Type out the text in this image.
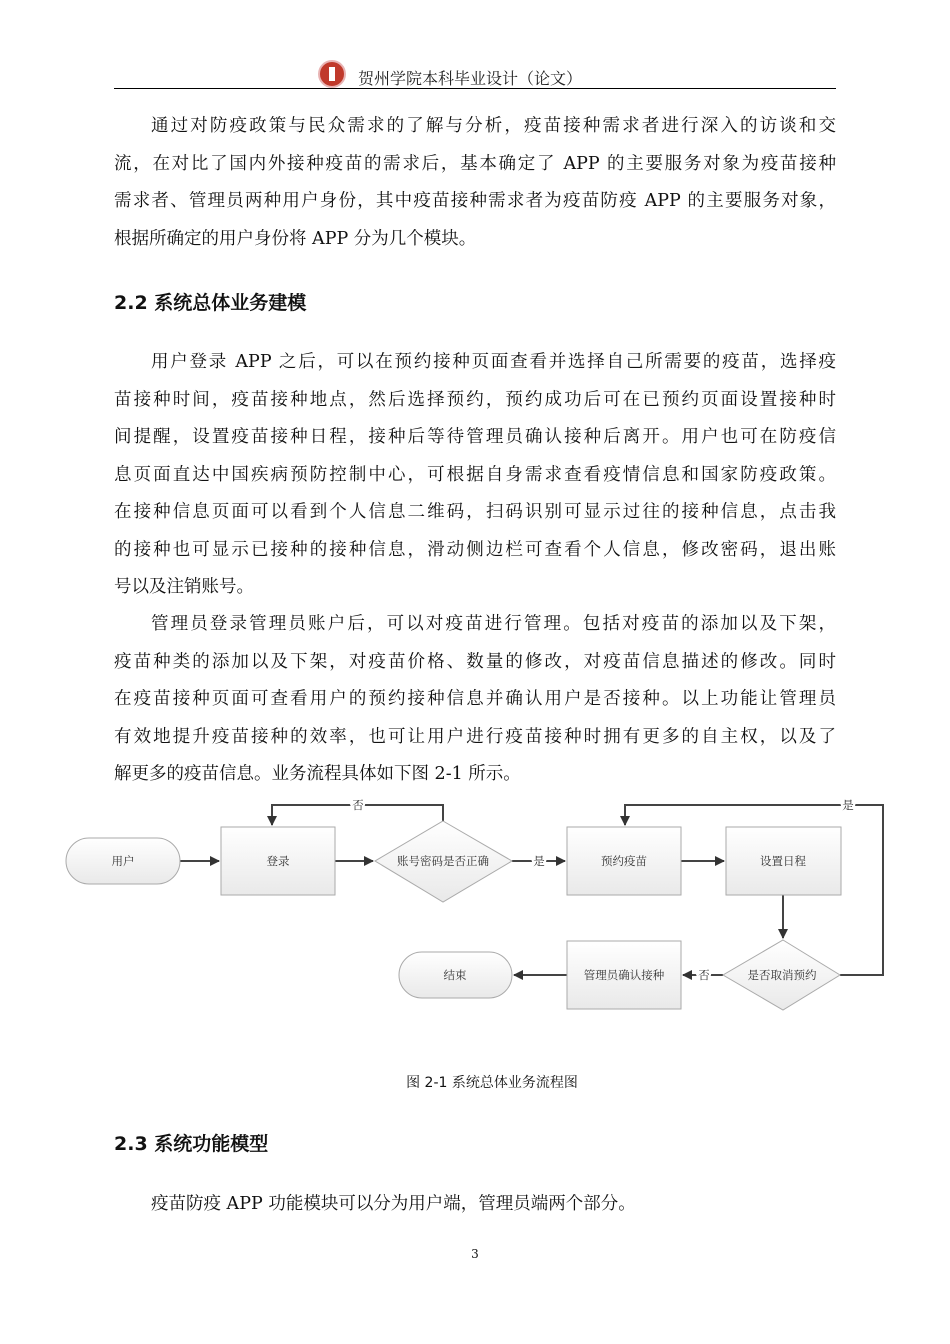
贺州学院本科毕业设计（论文）
通过对防疫政策与民众需求的了解与分析，疫苗接种需求者进行深入的访谈和交
流，在对比了国内外接种疫苗的需求后，基本确定了 APP 的主要服务对象为疫苗接种
需求者、管理员两种用户身份，其中疫苗接种需求者为疫苗防疫 APP 的主要服务对象，
根据所确定的用户身份将 APP 分为几个模块。
2.2 系统总体业务建模
用户登录 APP 之后，可以在预约接种页面查看并选择自己所需要的疫苗，选择疫
苗接种时间，疫苗接种地点，然后选择预约，预约成功后可在已预约页面设置接种时
间提醒，设置疫苗接种日程，接种后等待管理员确认接种后离开。用户也可在防疫信
息页面直达中国疾病预防控制中心，可根据自身需求查看疫情信息和国家防疫政策。
在接种信息页面可以看到个人信息二维码，扫码识别可显示过往的接种信息，点击我
的接种也可显示已接种的接种信息，滑动侧边栏可查看个人信息，修改密码，退出账
号以及注销账号。
管理员登录管理员账户后，可以对疫苗进行管理。包括对疫苗的添加以及下架，
疫苗种类的添加以及下架，对疫苗价格、数量的修改，对疫苗信息描述的修改。同时
在疫苗接种页面可查看用户的预约接种信息并确认用户是否接种。以上功能让管理员
有效地提升疫苗接种的效率，也可让用户进行疫苗接种时拥有更多的自主权，以及了
解更多的疫苗信息。业务流程具体如下图 2-1 所示。
用户	登录	账号密码是否正确	预约疫苗	设置日程
是否取消预约
管理员确认接种
结束
否
是
是
否
图 2-1 系统总体业务流程图
2.3 系统功能模型
疫苗防疫 APP 功能模块可以分为用户端，管理员端两个部分。
3
